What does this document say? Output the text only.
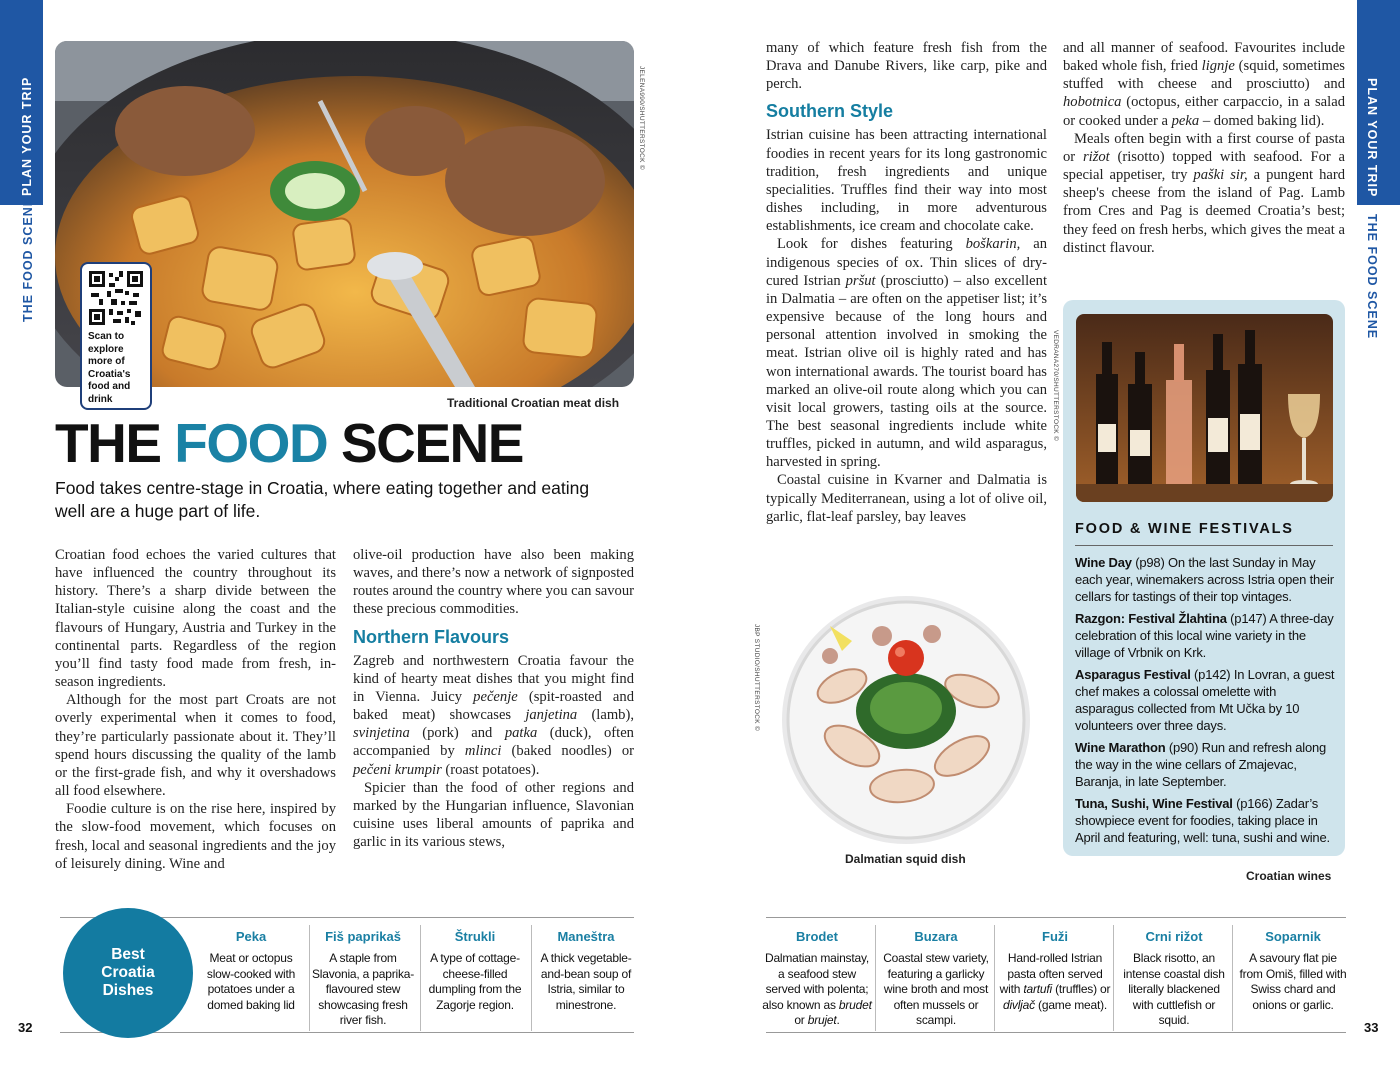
PLAN YOUR TRIP
THE FOOD SCENE
PLAN YOUR TRIP
THE FOOD SCENE
JELENA990/SHUTTERSTOCK ©
Traditional Croatian meat dish
Scan to explore more of Croatia's food and drink
THE FOOD SCENE
Food takes centre-stage in Croatia, where eating together and eating well are a huge part of life.

Croatian food echoes the varied cultures that have influenced the country throughout its history. There’s a sharp divide between the Italian-style cuisine along the coast and the flavours of Hungary, Austria and Turkey in the continental parts. Regardless of the region you’ll find tasty food made from fresh, in-season ingredients.

Although for the most part Croats are not overly experimental when it comes to food, they’re particularly passionate about it. They’ll spend hours discussing the quality of the lamb or the first-grade fish, and why it overshadows all food elsewhere.

Foodie culture is on the rise here, inspired by the slow-food movement, which focuses on fresh, local and seasonal ingredients and the joy of leisurely dining. Wine and

olive-oil production have also been making waves, and there’s now a network of signposted routes around the country where you can savour these precious commodities.

Northern Flavours

Zagreb and northwestern Croatia favour the kind of hearty meat dishes that you might find in Vienna. Juicy pečenje (spit-roasted and baked meat) showcases janjetina (lamb), svinjetina (pork) and patka (duck), often accompanied by mlinci (baked noodles) or pečeni krumpir (roast potatoes).

Spicier than the food of other regions and marked by the Hungarian influence, Slavonian cuisine uses liberal amounts of paprika and garlic in its various stews,

many of which feature fresh fish from the Drava and Danube Rivers, like carp, pike and perch.

Southern Style

Istrian cuisine has been attracting international foodies in recent years for its long gastronomic tradition, fresh ingredients and unique specialities. Truffles find their way into most dishes including, in more adventurous establishments, ice cream and chocolate cake.

Look for dishes featuring boškarin, an indigenous species of ox. Thin slices of dry-cured Istrian pršut (prosciutto) – also excellent in Dalmatia – are often on the appetiser list; it’s expensive because of the long hours and personal attention involved in smoking the meat. Istrian olive oil is highly rated and has won international awards. The tourist board has marked an olive-oil route along which you can visit local growers, tasting oils at the source. The best seasonal ingredients include white truffles, picked in autumn, and wild asparagus, harvested in spring.

Coastal cuisine in Kvarner and Dalmatia is typically Mediterranean, using a lot of olive oil, garlic, flat-leaf parsley, bay leaves

and all manner of seafood. Favourites include baked whole fish, fried lignje (squid, sometimes stuffed with cheese and prosciutto) and hobotnica (octopus, either carpaccio, in a salad or cooked under a peka – domed baking lid).

Meals often begin with a first course of pasta or rižot (risotto) topped with seafood. For a special appetiser, try paški sir, a pungent hard sheep's cheese from the island of Pag. Lamb from Cres and Pag is deemed Croatia’s best; they feed on fresh herbs, which gives the meat a distinct flavour.

JBP STUDIO/SHUTTERSTOCK ©
Dalmatian squid dish
FOOD & WINE FESTIVALS
Wine Day (p98) On the last Sunday in May each year, winemakers across Istria open their cellars for tastings of their top vintages.
Razgon: Festival Žlahtina (p147) A three-day celebration of this local wine variety in the village of Vrbnik on Krk.
Asparagus Festival (p142) In Lovran, a guest chef makes a colossal omelette with asparagus collected from Mt Učka by 10 volunteers over three days.
Wine Marathon (p90) Run and refresh along the way in the wine cellars of Zmajevac, Baranja, in late September.
Tuna, Sushi, Wine Festival (p166) Zadar’s showpiece event for foodies, taking place in April and featuring, well: tuna, sushi and wine.
VEDRANA270/SHUTTERSTOCK ©
Croatian wines
Best Croatia Dishes
Peka
Meat or octopus slow-cooked with potatoes under a domed baking lid
Fiš paprikaš
A staple from Slavonia, a paprika-flavoured stew showcasing fresh river fish.
Štrukli
A type of cottage-cheese-filled dumpling from the Zagorje region.
Maneštra
A thick vegetable-and-bean soup of Istria, similar to minestrone.
Brodet
Dalmatian mainstay, a seafood stew served with polenta; also known as brudet or brujet.
Buzara
Coastal stew variety, featuring a garlicky wine broth and most often mussels or scampi.
Fuži
Hand-rolled Istrian pasta often served with tartufi (truffles) or divljač (game meat).
Crni rižot
Black risotto, an intense coastal dish literally blackened with cuttlefish or squid.
Soparnik
A savoury flat pie from Omiš, filled with Swiss chard and onions or garlic.
32	33
